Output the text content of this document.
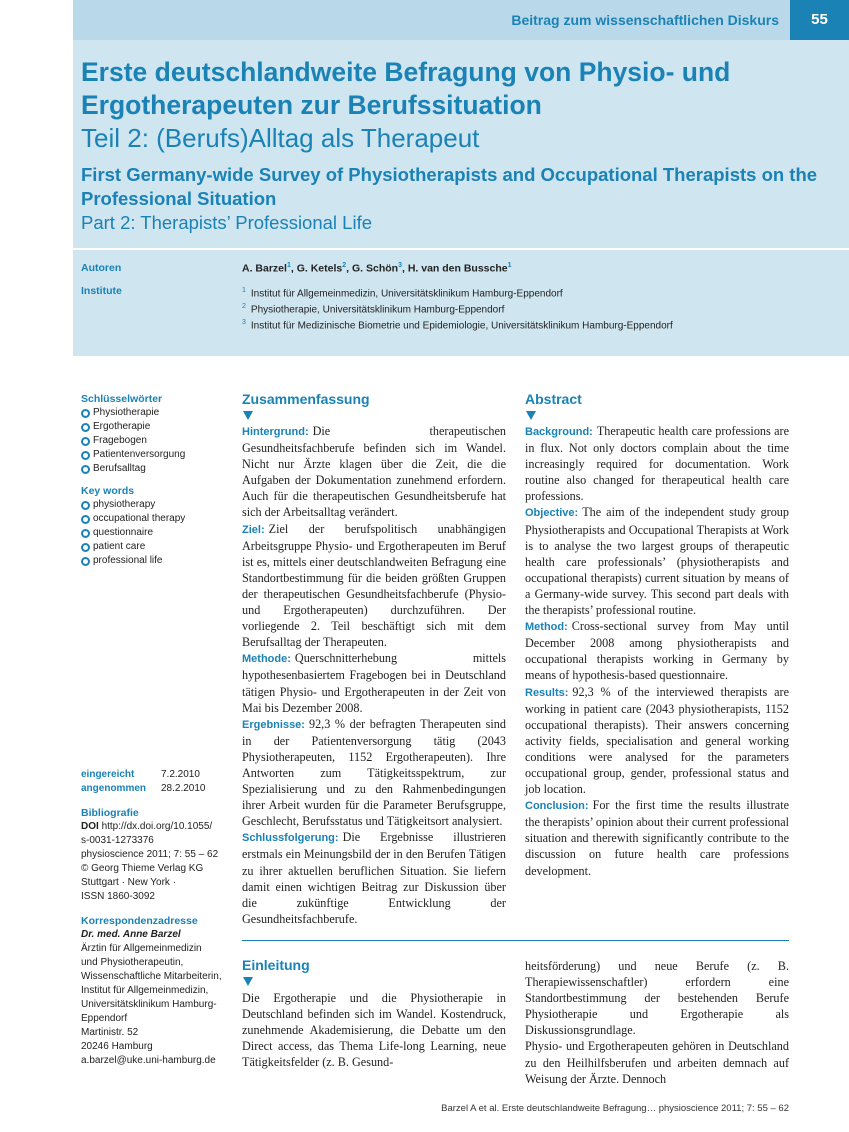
Beitrag zum wissenschaftlichen Diskurs	55
Erste deutschlandweite Befragung von Physio- und Ergotherapeuten zur Berufssituation
Teil 2: (Berufs)Alltag als Therapeut
First Germany-wide Survey of Physiotherapists and Occupational Therapists on the Professional Situation
Part 2: Therapists’ Professional Life
Autoren
Institute
A. Barzel$^1$, G. Ketels$^2$, G. Schön$^3$, H. van den Bussche$^1$
$^1$ Institut für Allgemeinmedizin, Universitätsklinikum Hamburg-Eppendorf
$^2$ Physiotherapie, Universitätsklinikum Hamburg-Eppendorf
$^3$ Institut für Medizinische Biometrie und Epidemiologie, Universitätsklinikum Hamburg-Eppendorf
Schlüsselwörter
Physiotherapie
Ergotherapie
Fragebogen
Patientenversorgung
Berufsalltag
Key words
physiotherapy
occupational therapy
questionnaire
patient care
professional life
eingereicht	7.2.2010
angenommen 28.2.2010
Bibliografie
DOI http://dx.doi.org/10.1055/
s-0031-1273376
physioscience 2011; 7: 55 – 62
© Georg Thieme Verlag KG
Stuttgart · New York ·
ISSN 1860-3092
Korrespondenzadresse
Dr. med. Anne Barzel
Ärztin für Allgemeinmedizin
und Physiotherapeutin,
Wissenschaftliche Mitarbeiterin,
Institut für Allgemeinmedizin,
Universitätsklinikum Hamburg-
Eppendorf
Martinistr. 52
20246 Hamburg
a.barzel@uke.uni-hamburg.de
Zusammenfassung
Hintergrund: Die therapeutischen Gesundheitsfachberufe befinden sich im Wandel. Nicht nur Ärzte klagen über die Zeit, die die Aufgaben der Dokumentation zunehmend erfordern. Auch für die therapeutischen Gesundheitsberufe hat sich der Arbeitsalltag verändert.
Ziel: Ziel der berufspolitisch unabhängigen Arbeitsgruppe Physio- und Ergotherapeuten im Beruf ist es, mittels einer deutschlandweiten Befragung eine Standortbestimmung für die beiden größten Gruppen der therapeutischen Gesundheitsfachberufe (Physio- und Ergotherapeuten) durchzuführen. Der vorliegende 2. Teil beschäftigt sich mit dem Berufsalltag der Therapeuten.
Methode: Querschnitterhebung mittels hypothesenbasiertem Fragebogen bei in Deutschland tätigen Physio- und Ergotherapeuten in der Zeit von Mai bis Dezember 2008.
Ergebnisse: 92,3 % der befragten Therapeuten sind in der Patientenversorgung tätig (2043 Physiotherapeuten, 1152 Ergotherapeuten). Ihre Antworten zum Tätigkeitsspektrum, zur Spezialisierung und zu den Rahmenbedingungen ihrer Arbeit wurden für die Parameter Berufsgruppe, Geschlecht, Berufsstatus und Tätigkeitsort analysiert.
Schlussfolgerung: Die Ergebnisse illustrieren erstmals ein Meinungsbild der in den Berufen Tätigen zu ihrer aktuellen beruflichen Situation. Sie liefern damit einen wichtigen Beitrag zur Diskussion über die zukünftige Entwicklung der Gesundheitsfachberufe.
Abstract
Background: Therapeutic health care professions are in flux. Not only doctors complain about the time increasingly required for documentation. Work routine also changed for therapeutical health care professions.
Objective: The aim of the independent study group Physiotherapists and Occupational Therapists at Work is to analyse the two largest groups of therapeutic health care professionals’ (physiotherapists and occupational therapists) current situation by means of a Germany-wide survey. This second part deals with the therapists’ professional routine.
Method: Cross-sectional survey from May until December 2008 among physiotherapists and occupational therapists working in Germany by means of hypothesis-based questionnaire.
Results: 92,3 % of the interviewed therapists are working in patient care (2043 physiotherapists, 1152 occupational therapists). Their answers concerning activity fields, specialisation and general working conditions were analysed for the parameters occupational group, gender, professional status and job location.
Conclusion: For the first time the results illustrate the therapists’ opinion about their current professional situation and therewith significantly contribute to the discussion on future health care professions development.
Einleitung
Die Ergotherapie und die Physiotherapie in Deutschland befinden sich im Wandel. Kostendruck, zunehmende Akademisierung, die Debatte um den Direct access, das Thema Life-long Learning, neue Tätigkeitsfelder (z. B. Gesund-
heitsförderung) und neue Berufe (z. B. Therapiewissenschaftler) erfordern eine Standortbestimmung der bestehenden Berufe Physiotherapie und Ergotherapie als Diskussionsgrundlage.
Physio- und Ergotherapeuten gehören in Deutschland zu den Heilhilfsberufen und arbeiten demnach auf Weisung der Ärzte. Dennoch
Barzel A et al. Erste deutschlandweite Befragung… physioscience 2011; 7: 55 – 62
